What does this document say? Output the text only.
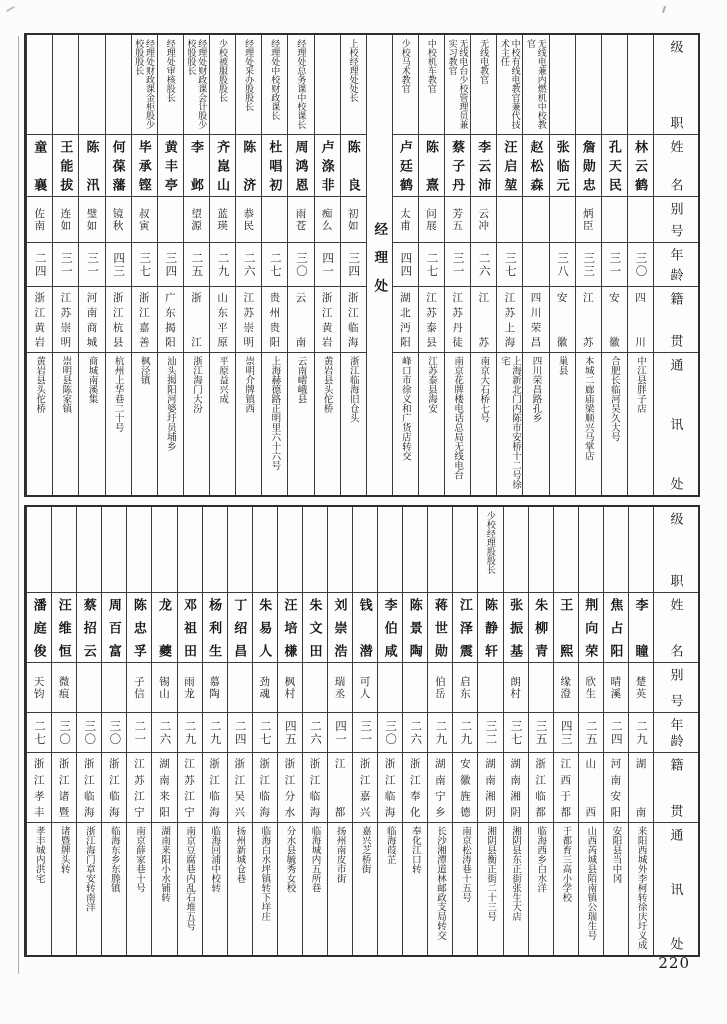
级职
姓名
别号
年龄
籍贯
通讯处
林云鹤
三〇
四川
中江县胖子店
孔天民
三一
安徽
合肥长临河吴久大号
詹勋忠
炳臣
三三
江苏
本城二廊庙梁顺兴马掌店
张临元
三八
安徽
巢县
无线电兼内燃机中校教官
赵松森
四川荣昌
四川荣昌路孔乡
中校有线电教官兼代技术主任
汪启堃
三七
江苏上海
上海新北门内陈市安桥十二号徐宅
无线电教官
李云沛
云冲
二六
江苏
南京大石桥七号
无线电台少校管理员兼实习教官
蔡子丹
芳五
三一
江苏丹徒
南京花牌楼电话总局无线电台
中校机车教官
陈熹
问展
二七
江苏泰县
江苏泰县海安
少校马术教官
卢廷鹤
太甫
四四
湖北沔阳
峰口市徐义和广货店转交
经理处
上校经理处处长
陈良
初如
三四
浙江临海
浙江临海旧仓头
卢涤非
痴么
四一
浙江黄岩
黄岩县头佗桥
经理处总务课中校课长
周鸿恩
雨苍
三〇
云南
云南嶍峨县
经理处中校财政课长
杜唱初
二七
贵州贵阳
上海赫德路正明里六十六号
经理处采办股股长
陈济
恭民
二六
江苏崇明
崇明介牌镇西
少校被服股股长
齐崑山
蓝瑛
二九
山东平原
平原益兴成
经理处财政课会计股少校股股长
李邺
望源
二五
浙江
浙江海门大汾
经理处审核股长
黄丰亭
三四
广东揭阳
汕头揭阳河婆圩员埔乡
经理处财政课金柜股少校股股长
毕承铿
叔寅
三七
浙江嘉善
枫泾镇
何葆藩
镜秋
四三
浙江杭县
杭州上华巷二十号
陈汛
璧如
三一
河南商城
商城南溪集
王能拔
连如
三一
江苏崇明
崇明县陈家镇
童襄
佐南
二四
浙江黄岩
黄岩县头佗桥
级职
姓名
别号
年龄
籍贯
通讯处
李瞳
楚英
二九
湖南
来阳西城外李柯转徐庆圩义成
焦占阳
晴溪
二四
河南安阳
安阳县当中冈
荆向荣
欣生
二五
山西
山西芮城县陌南镇公瑞生号
王熙
缘澄
四三
江西于都
于都育三高小学校
朱柳青
三五
浙江临都
临海西乡白水洋
张振基
朗村
三七
湖南湘阴
湘阴县东正街张生大店
少校经理股股长
陈静轩
三二
湖南湘阴
湘阴县衡正街二十三号
江泽震
启东
二九
安徽旌德
南京松涛巷十五号
蒋世勋
伯岳
二九
湖南宁乡
长沙湘潭道林邮政支局转交
陈景陶
二六
浙江奉化
奉化江口转
李伯咸
三〇
浙江临海
临海葭芷
钱潜
可人
三一
浙江嘉兴
嘉兴芝桥街
刘崇浩
瑞丞
四一
江都
扬州南皮市街
朱文田
二六
浙江临海
临海城内五所巷
汪培槏
枫村
四五
浙江分水
分水县毓秀女校
朱易人
劲魂
二七
浙江临海
临海白水坪镇转下垟庄
丁绍昌
二四
浙江吴兴
扬州新城仓巷
杨利生
慕陶
二九
浙江临海
临海回浦中校转
邓祖田
雨龙
二九
江苏江宁
南京豆腐巷内乱石堆五号
龙夔
锡山
二六
湖南来阳
湖南来阳小水铺转
陈忠孚
子信
二一
江苏江宁
南京薛家巷十号
周百富
三〇
浙江临海
临海东乡东塍镇
蔡招云
三〇
浙江临海
浙江海门章安转南洋
汪维恒
微痕
三〇
浙江诸暨
诸暨牌头转
潘庭俊
天钧
二七
浙江孝丰
孝丰城内洪宅
220
